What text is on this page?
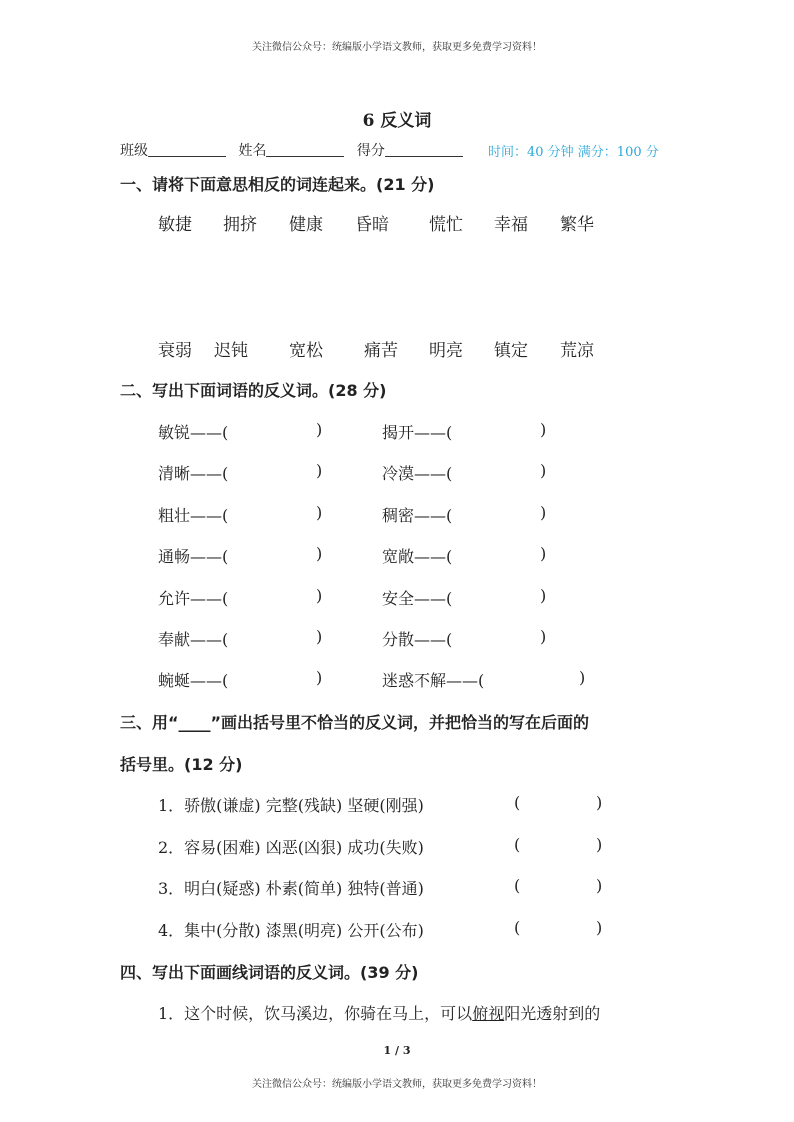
关注微信公众号：统编版小学语文教师，获取更多免费学习资料！
6 反义词
班级	姓名	得分	时间：40 分钟 满分：100 分
一、请将下面意思相反的词连起来。(21 分)
敏捷 拥挤 健康 昏暗 慌忙 幸福 繁华
衰弱 迟钝 宽松 痛苦 明亮 镇定 荒凉
二、写出下面词语的反义词。(28 分)
敏锐——(	)	揭开——(	)
清晰——(	)	冷漠——(	)
粗壮——(	)	稠密——(	)
通畅——(	)	宽敞——(	)
允许——(	)	安全——(	)
奉献——(	)	分散——(	)
蜿蜒——(	)	迷惑不解——(	)
三、用“____”画出括号里不恰当的反义词，并把恰当的写在后面的
括号里。(12 分)
1．骄傲(谦虚) 完整(残缺) 坚硬(刚强)	(	)
2．容易(困难) 凶恶(凶狠) 成功(失败)	(	)
3．明白(疑惑) 朴素(简单) 独特(普通)	(	)
4．集中(分散) 漆黑(明亮) 公开(公布)	(	)
四、写出下面画线词语的反义词。(39 分)
1．这个时候，饮马溪边，你骑在马上，可以俯视阳光透射到的
1 / 3
关注微信公众号：统编版小学语文教师，获取更多免费学习资料！
